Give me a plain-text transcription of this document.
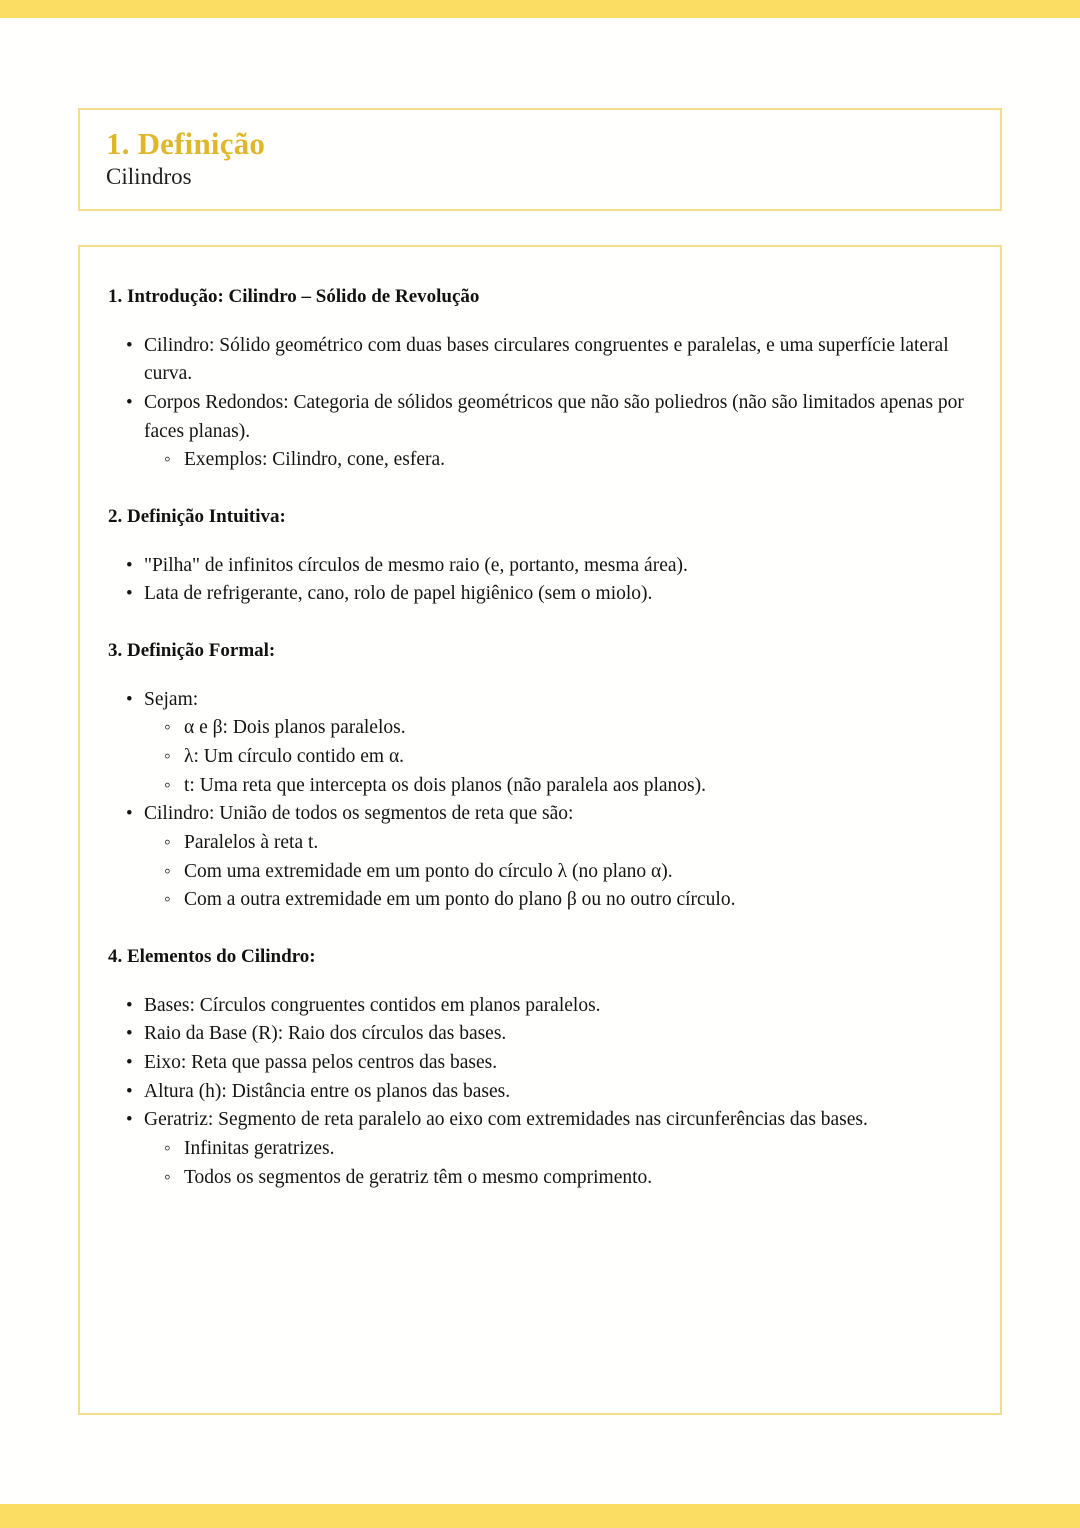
1. Definição
Cilindros
1. Introdução: Cilindro – Sólido de Revolução
• Cilindro: Sólido geométrico com duas bases circulares congruentes e paralelas, e uma superfície lateral curva.
• Corpos Redondos: Categoria de sólidos geométricos que não são poliedros (não são limitados apenas por faces planas).
◦ Exemplos: Cilindro, cone, esfera.
2. Definição Intuitiva:
• "Pilha" de infinitos círculos de mesmo raio (e, portanto, mesma área).
• Lata de refrigerante, cano, rolo de papel higiênico (sem o miolo).
3. Definição Formal:
• Sejam:
◦ α e β: Dois planos paralelos.
◦ λ: Um círculo contido em α.
◦ t: Uma reta que intercepta os dois planos (não paralela aos planos).
• Cilindro: União de todos os segmentos de reta que são:
◦ Paralelos à reta t.
◦ Com uma extremidade em um ponto do círculo λ (no plano α).
◦ Com a outra extremidade em um ponto do plano β ou no outro círculo.
4. Elementos do Cilindro:
• Bases: Círculos congruentes contidos em planos paralelos.
• Raio da Base (R): Raio dos círculos das bases.
• Eixo: Reta que passa pelos centros das bases.
• Altura (h): Distância entre os planos das bases.
• Geratriz: Segmento de reta paralelo ao eixo com extremidades nas circunferências das bases.
◦ Infinitas geratrizes.
◦ Todos os segmentos de geratriz têm o mesmo comprimento.
